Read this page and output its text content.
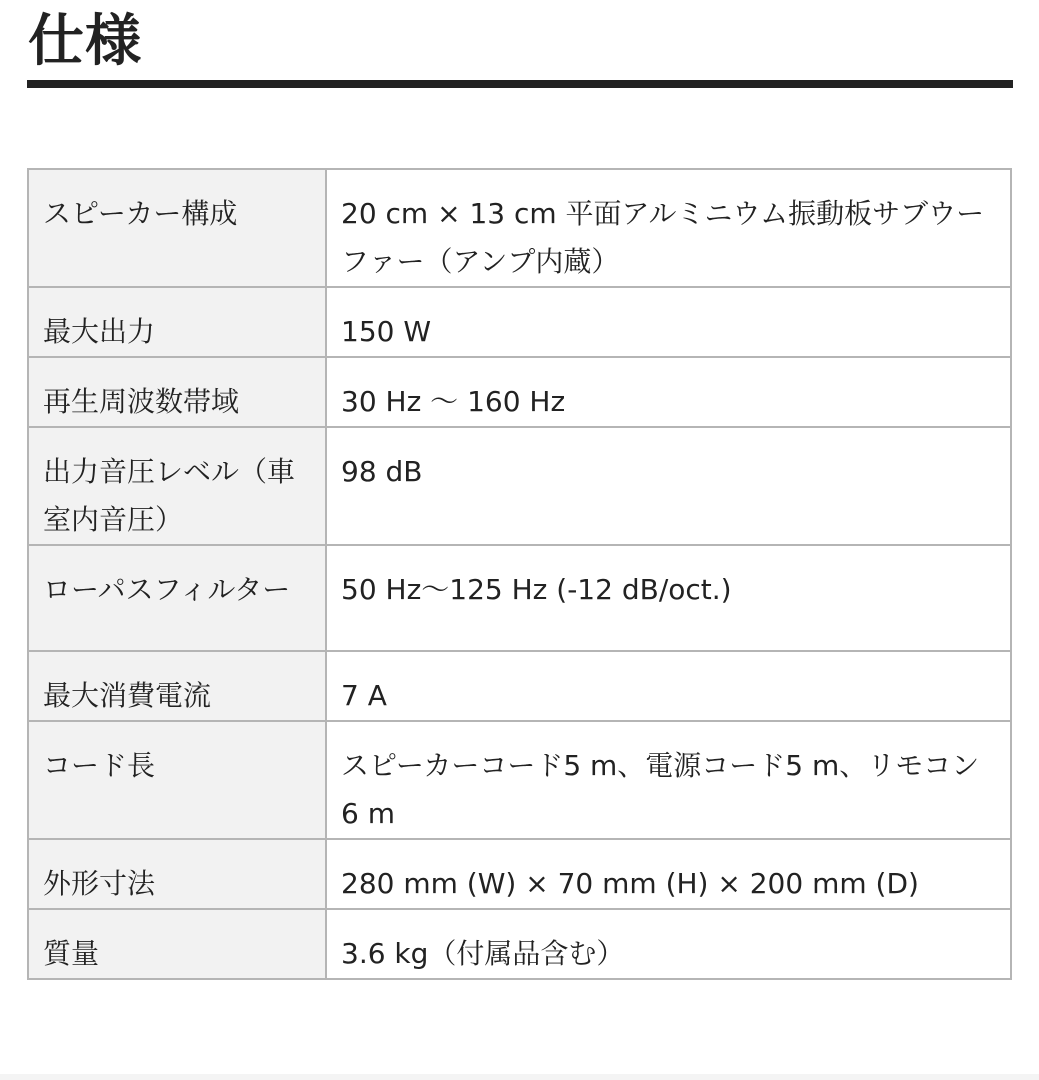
仕様
スピーカー構成	20 cm × 13 cm 平面アルミニウム振動板サブウーファー（アンプ内蔵）
最大出力	150 W
再生周波数帯域	30 Hz 〜 160 Hz
出力音圧レベル（車室内音圧）	98 dB
ローパスフィルター	50 Hz〜125 Hz (-12 dB/oct.)
最大消費電流	7 A
コード長	スピーカーコード5 m、電源コード5 m、リモコン 6 m
外形寸法	280 mm (W) × 70 mm (H) × 200 mm (D)
質量	3.6 kg（付属品含む）
